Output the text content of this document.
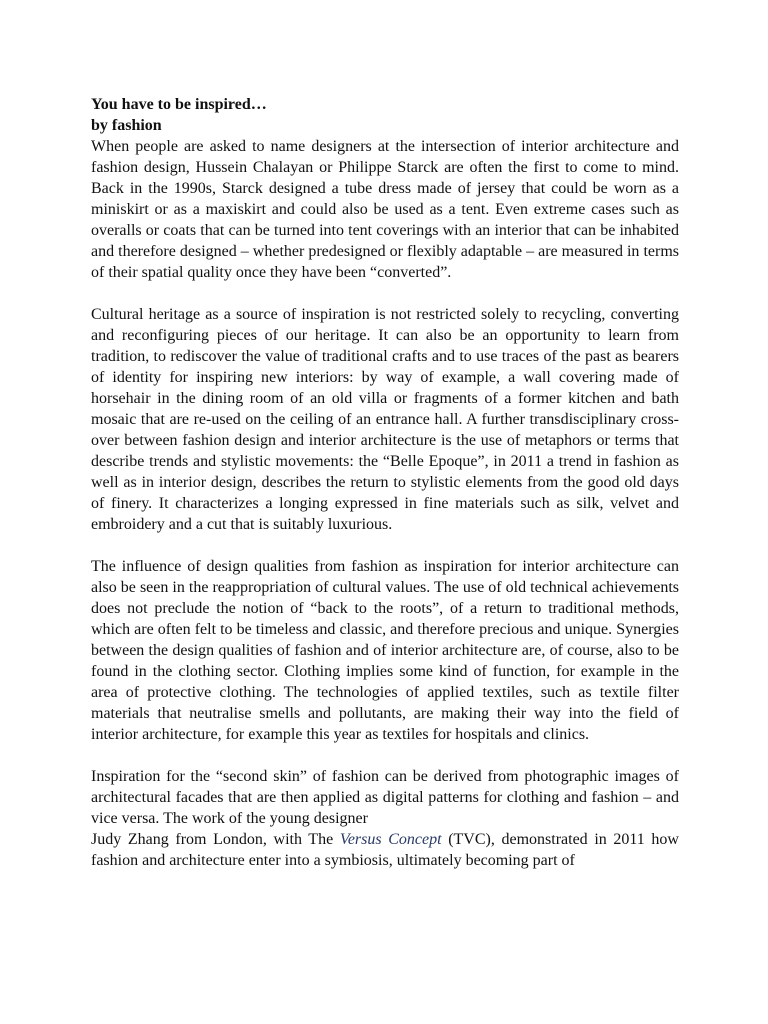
You have to be inspired…
by fashion

When people are asked to name designers at the intersection of interior architecture and fashion design, Hussein Chalayan or Philippe Starck are often the first to come to mind. Back in the 1990s, Starck designed a tube dress made of jersey that could be worn as a miniskirt or as a maxiskirt and could also be used as a tent. Even extreme cases such as overalls or coats that can be turned into tent coverings with an interior that can be inhabited and therefore designed – whether predesigned or flexibly adaptable – are measured in terms of their spatial quality once they have been “converted”.

Cultural heritage as a source of inspiration is not restricted solely to recycling, converting and reconfiguring pieces of our heritage. It can also be an opportunity to learn from tradition, to rediscover the value of traditional crafts and to use traces of the past as bearers of identity for inspiring new interiors: by way of example, a wall covering made of horsehair in the dining room of an old villa or fragments of a former kitchen and bath mosaic that are re-used on the ceiling of an entrance hall. A further transdisciplinary cross-over between fashion design and interior architecture is the use of metaphors or terms that describe trends and stylistic movements: the “Belle Epoque”, in 2011 a trend in fashion as well as in interior design, describes the return to stylistic elements from the good old days of finery. It characterizes a longing expressed in fine materials such as silk, velvet and embroidery and a cut that is suitably luxurious.

The influence of design qualities from fashion as inspiration for interior architecture can also be seen in the reappropriation of cultural values. The use of old technical achievements does not preclude the notion of “back to the roots”, of a return to traditional methods, which are often felt to be timeless and classic, and therefore precious and unique. Synergies between the design qualities of fashion and of interior architecture are, of course, also to be found in the clothing sector. Clothing implies some kind of function, for example in the area of protective clothing. The technologies of applied textiles, such as textile filter materials that neutralise smells and pollutants, are making their way into the field of interior architecture, for example this year as textiles for hospitals and clinics.

Inspiration for the “second skin” of fashion can be derived from photographic images of architectural facades that are then applied as digital patterns for clothing and fashion – and vice versa. The work of the young designer

Judy Zhang from London, with The Versus Concept (TVC), demonstrated in 2011 how fashion and architecture enter into a symbiosis, ultimately becoming part of
